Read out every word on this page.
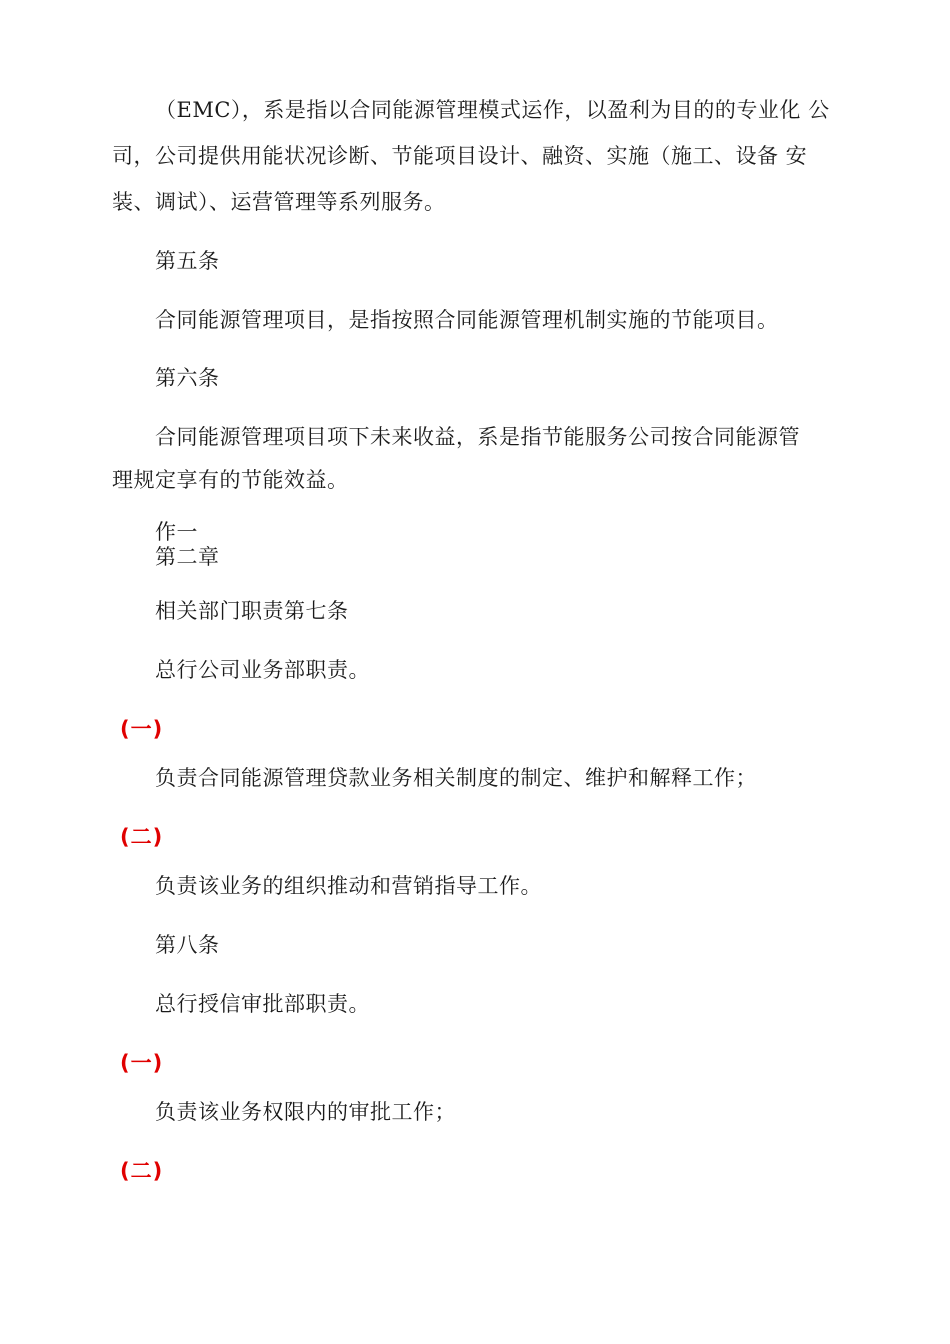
（EMC），系是指以合同能源管理模式运作，以盈利为目的的专业化 公
司，公司提供用能状况诊断、节能项目设计、融资、实施（施工、设备 安
装、调试）、运营管理等系列服务。
第五条
合同能源管理项目，是指按照合同能源管理机制实施的节能项目。
第六条
合同能源管理项目项下未来收益，系是指节能服务公司按合同能源管
理规定享有的节能效益。
作一
第二章
相关部门职责第七条
总行公司业务部职责。
(一)
负责合同能源管理贷款业务相关制度的制定、维护和解释工作；
(二)
负责该业务的组织推动和营销指导工作。
第八条
总行授信审批部职责。
(一)
负责该业务权限内的审批工作；
(二)
